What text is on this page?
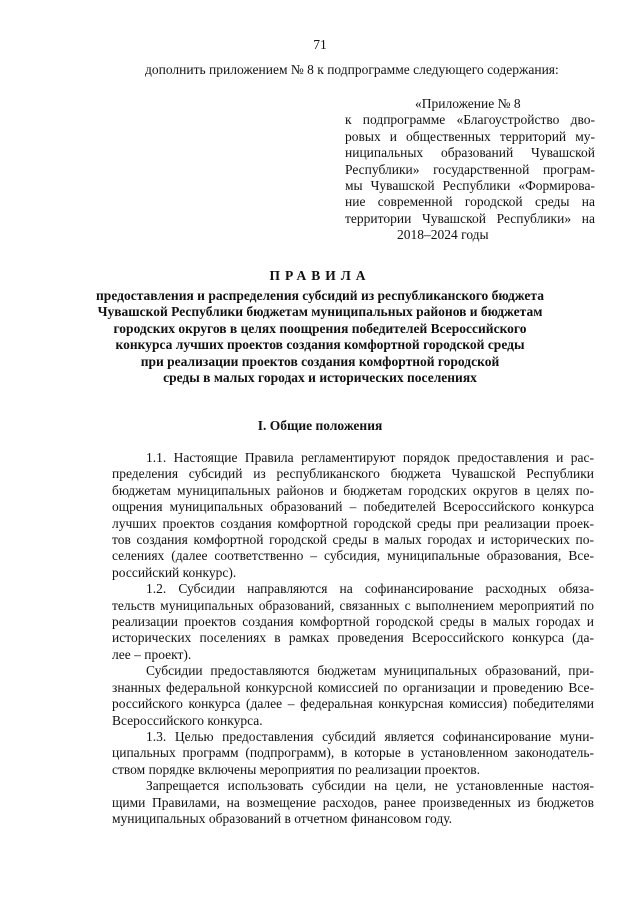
71
дополнить приложением № 8 к подпрограмме следующего содержания:
«Приложение № 8
к подпрограмме «Благоустройство дво-
ровых и общественных территорий му-
ниципальных образований Чувашской
Республики» государственной програм-
мы Чувашской Республики «Формирова-
ние современной городской среды на
территории Чувашской Республики» на
2018–2024 годы
ПРАВИЛА
предоставления и распределения субсидий из республиканского бюджета
Чувашской Республики бюджетам муниципальных районов и бюджетам
городских округов в целях поощрения победителей Всероссийского
конкурса лучших проектов создания комфортной городской среды
при реализации проектов создания комфортной городской
среды в малых городах и исторических поселениях
I. Общие положения
1.1. Настоящие Правила регламентируют порядок предоставления и рас-
пределения субсидий из республиканского бюджета Чувашской Республики
бюджетам муниципальных районов и бюджетам городских округов в целях по-
ощрения муниципальных образований – победителей Всероссийского конкурса
лучших проектов создания комфортной городской среды при реализации проек-
тов создания комфортной городской среды в малых городах и исторических по-
селениях (далее соответственно – субсидия, муниципальные образования, Все-
российский конкурс).
1.2. Субсидии направляются на софинансирование расходных обяза-
тельств муниципальных образований, связанных с выполнением мероприятий по
реализации проектов создания комфортной городской среды в малых городах и
исторических поселениях в рамках проведения Всероссийского конкурса (да-
лее – проект).
Субсидии предоставляются бюджетам муниципальных образований, при-
знанных федеральной конкурсной комиссией по организации и проведению Все-
российского конкурса (далее – федеральная конкурсная комиссия) победителями
Всероссийского конкурса.
1.3. Целью предоставления субсидий является софинансирование муни-
ципальных программ (подпрограмм), в которые в установленном законодатель-
ством порядке включены мероприятия по реализации проектов.
Запрещается использовать субсидии на цели, не установленные настоя-
щими Правилами, на возмещение расходов, ранее произведенных из бюджетов
муниципальных образований в отчетном финансовом году.
